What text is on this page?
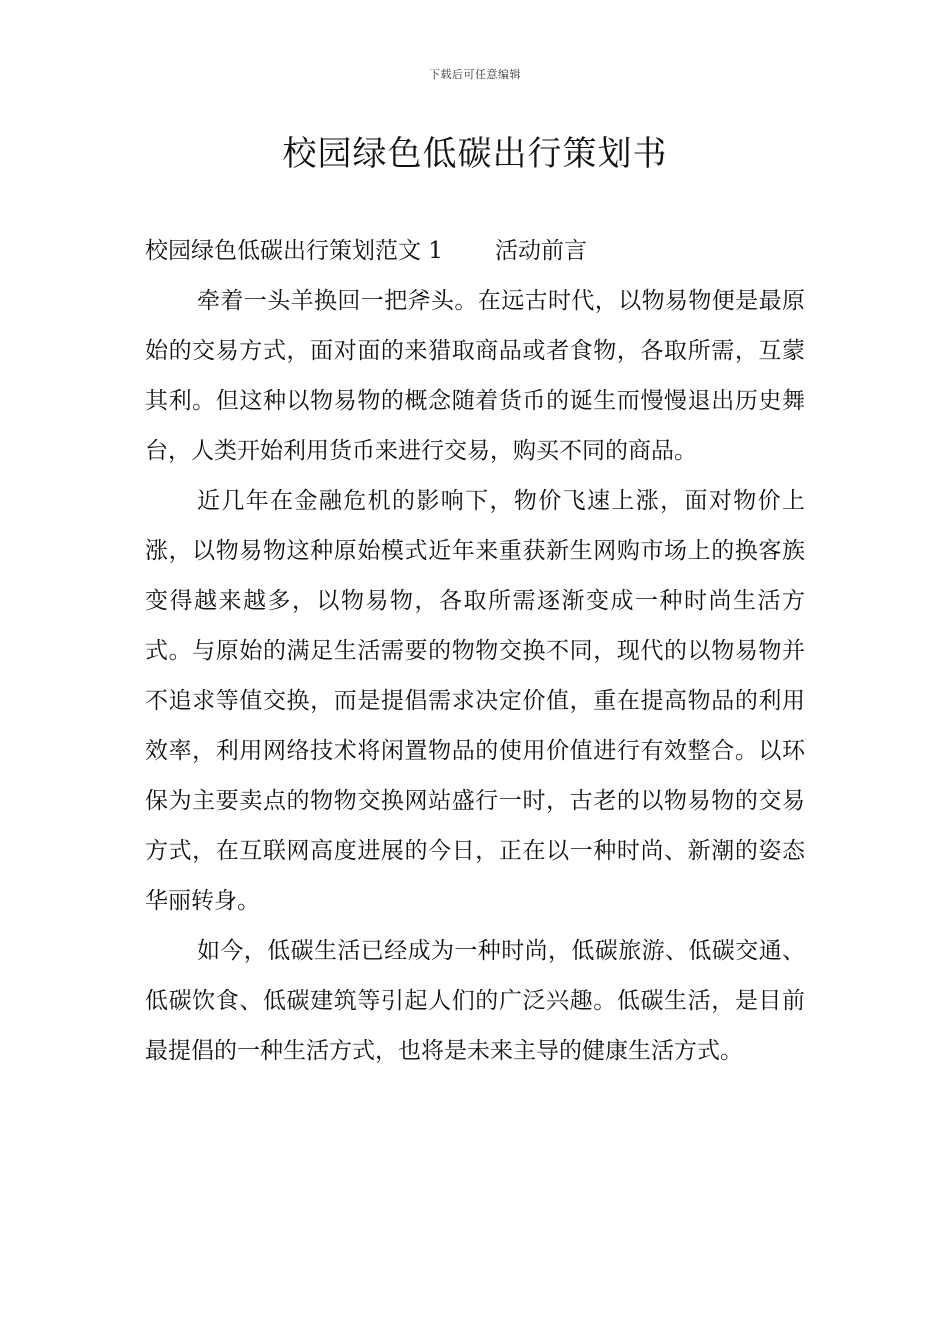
下载后可任意编辑
校园绿色低碳出行策划书

校园绿色低碳出行策划范文 1 活动前言

牵着一头羊换回一把斧头。在远古时代，以物易物便是最原始的交易方式，面对面的来猎取商品或者食物，各取所需，互蒙其利。但这种以物易物的概念随着货币的诞生而慢慢退出历史舞台，人类开始利用货币来进行交易，购买不同的商品。

近几年在金融危机的影响下，物价飞速上涨，面对物价上涨，以物易物这种原始模式近年来重获新生网购市场上的换客族变得越来越多，以物易物，各取所需逐渐变成一种时尚生活方式。与原始的满足生活需要的物物交换不同，现代的以物易物并不追求等值交换，而是提倡需求决定价值，重在提高物品的利用效率，利用网络技术将闲置物品的使用价值进行有效整合。以环保为主要卖点的物物交换网站盛行一时，古老的以物易物的交易方式，在互联网高度进展的今日，正在以一种时尚、新潮的姿态华丽转身。

如今，低碳生活已经成为一种时尚，低碳旅游、低碳交通、低碳饮食、低碳建筑等引起人们的广泛兴趣。低碳生活，是目前最提倡的一种生活方式，也将是未来主导的健康生活方式。
